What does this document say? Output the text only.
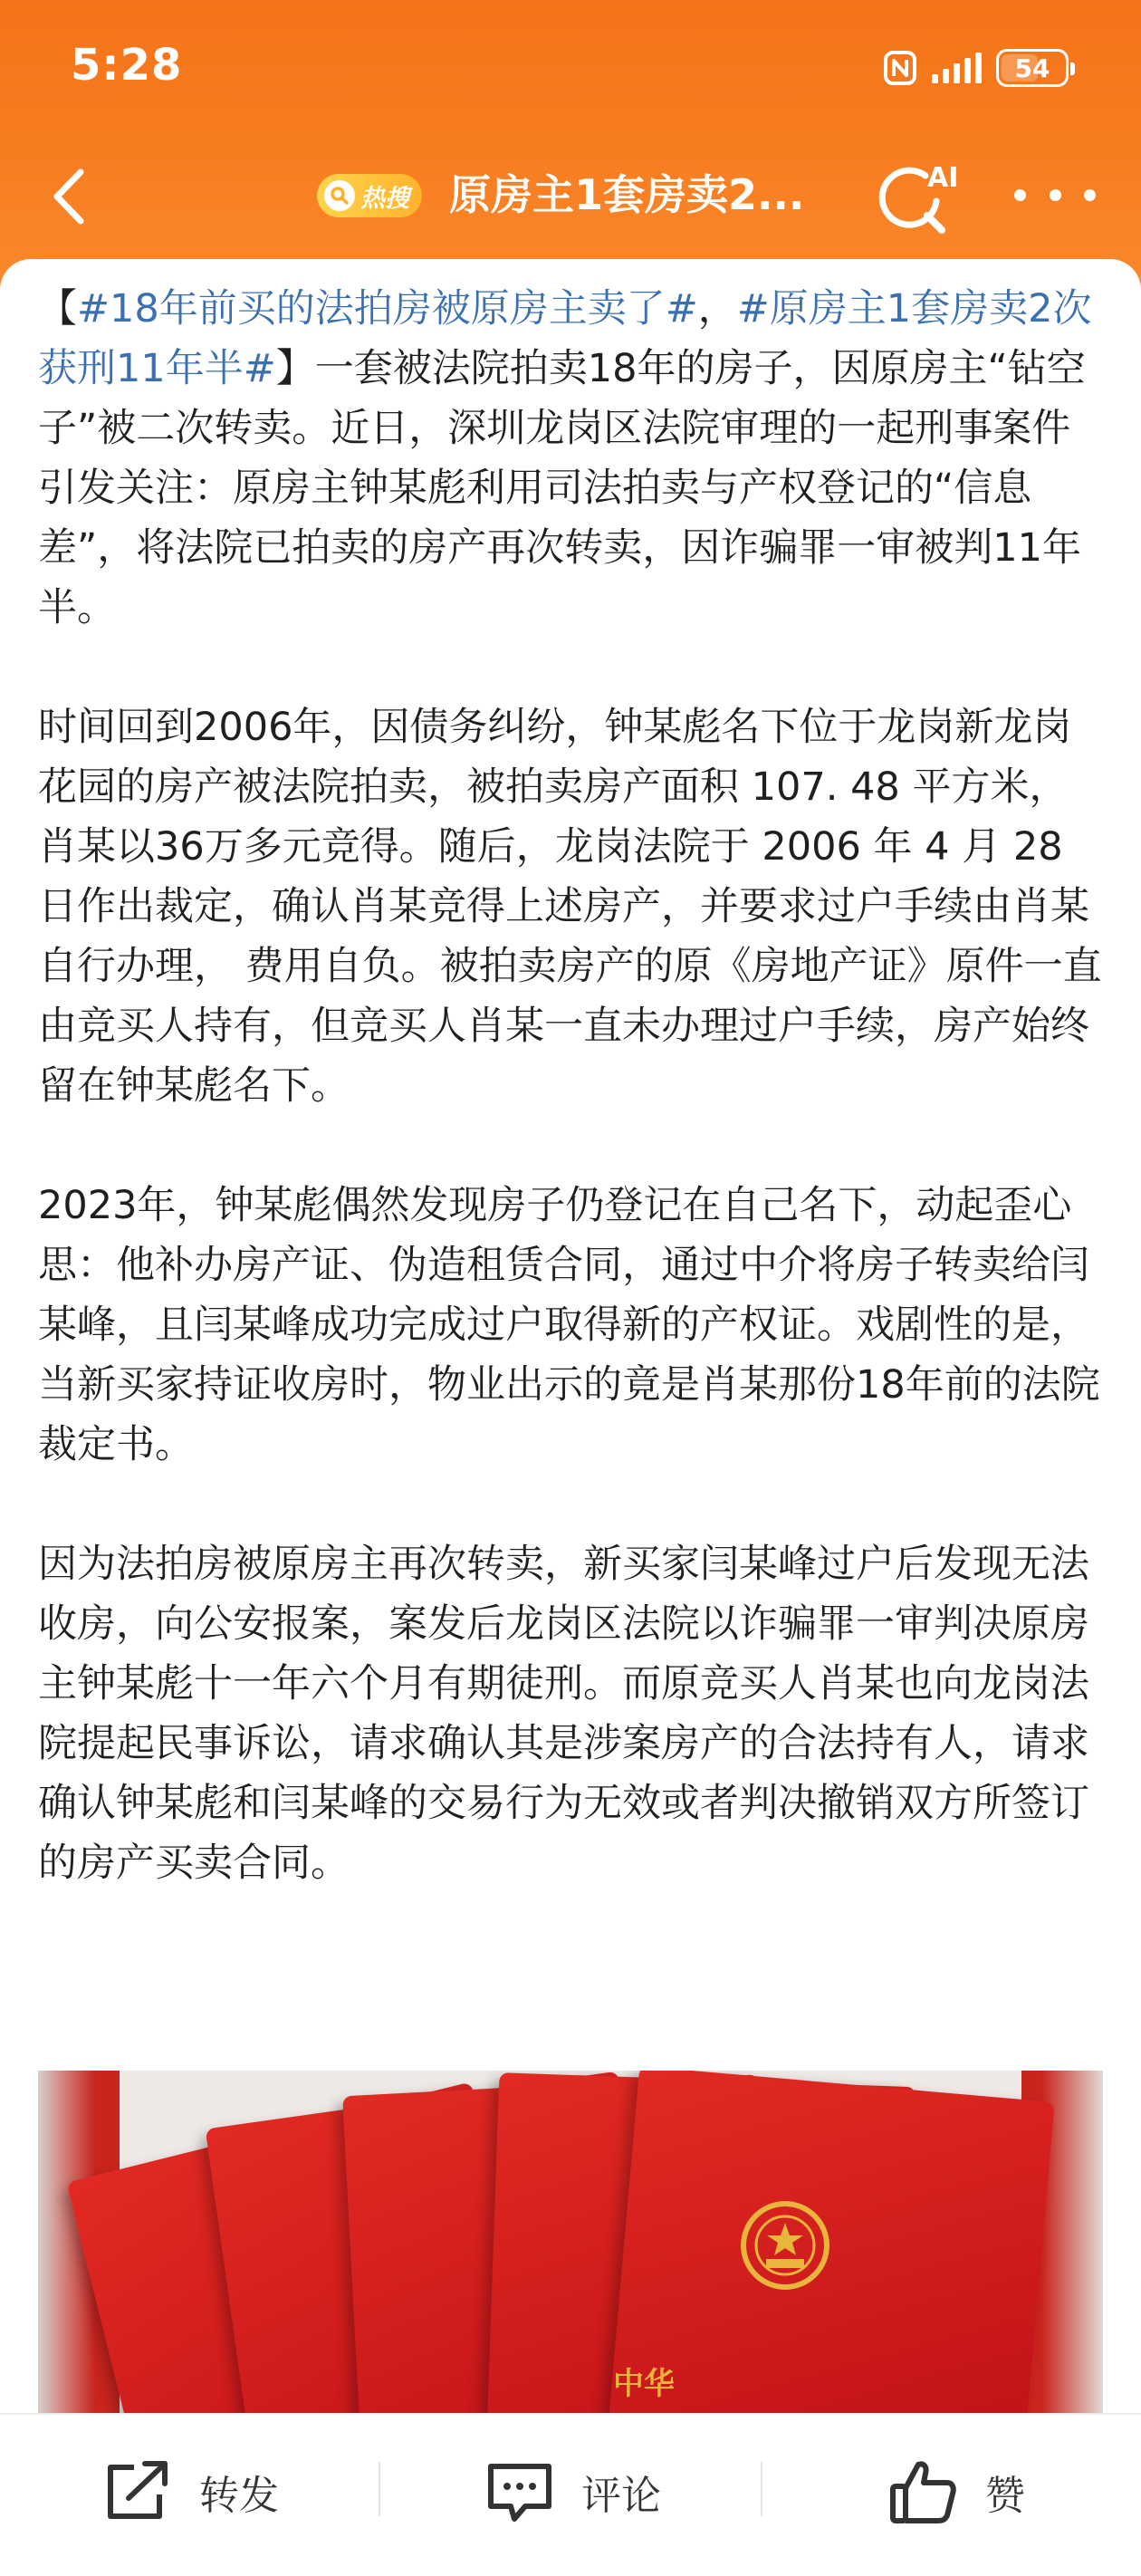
5:28	54
热搜 原房主1套房卖2...	AI

【#18年前买的法拍房被原房主卖了#，#原房主1套房卖2次获刑11年半#】一套被法院拍卖18年的房子，因原房主“钻空子”被二次转卖。近日，深圳龙岗区法院审理的一起刑事案件引发关注：原房主钟某彪利用司法拍卖与产权登记的“信息差”，将法院已拍卖的房产再次转卖，因诈骗罪一审被判11年半。

时间回到2006年，因债务纠纷，钟某彪名下位于龙岗新龙岗花园的房产被法院拍卖，被拍卖房产面积 107. 48 平方米，肖某以36万多元竞得。随后，龙岗法院于 2006 年 4 月 28 日作出裁定，确认肖某竞得上述房产，并要求过户手续由肖某自行办理， 费用自负。被拍卖房产的原《房地产证》原件一直由竞买人持有，但竞买人肖某一直未办理过户手续，房产始终留在钟某彪名下。

2023年，钟某彪偶然发现房子仍登记在自己名下，动起歪心思：他补办房产证、伪造租赁合同，通过中介将房子转卖给闫某峰，且闫某峰成功完成过户取得新的产权证。戏剧性的是，当新买家持证收房时，物业出示的竟是肖某那份18年前的法院裁定书。

因为法拍房被原房主再次转卖，新买家闫某峰过户后发现无法收房，向公安报案，案发后龙岗区法院以诈骗罪一审判决原房主钟某彪十一年六个月有期徒刑。而原竞买人肖某也向龙岗法院提起民事诉讼，请求确认其是涉案房产的合法持有人，请求确认钟某彪和闫某峰的交易行为无效或者判决撤销双方所签订的房产买卖合同。

中华
转发	评论	赞
